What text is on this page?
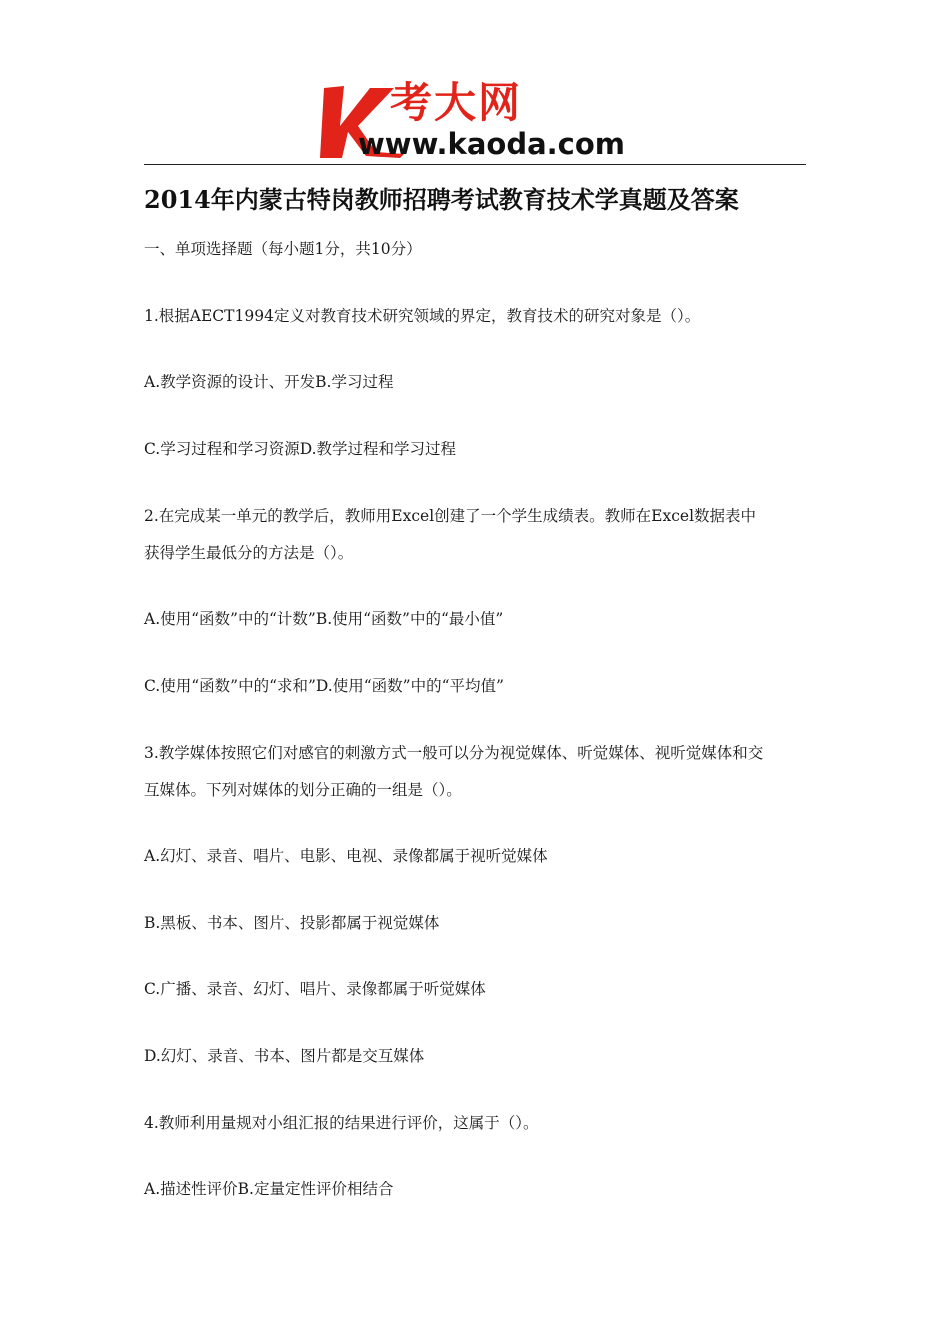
考大网
www.kaoda.com
2014年内蒙古特岗教师招聘考试教育技术学真题及答案
一、单项选择题（每小题1分，共10分）
1.根据AECT1994定义对教育技术研究领域的界定，教育技术的研究对象是（）。
A.教学资源的设计、开发B.学习过程
C.学习过程和学习资源D.教学过程和学习过程
2.在完成某一单元的教学后，教师用Excel创建了一个学生成绩表。教师在Excel数据表中
获得学生最低分的方法是（）。
A.使用“函数”中的“计数”B.使用“函数”中的“最小值”
C.使用“函数”中的“求和”D.使用“函数”中的“平均值”
3.教学媒体按照它们对感官的刺激方式一般可以分为视觉媒体、听觉媒体、视听觉媒体和交
互媒体。下列对媒体的划分正确的一组是（）。
A.幻灯、录音、唱片、电影、电视、录像都属于视听觉媒体
B.黑板、书本、图片、投影都属于视觉媒体
C.广播、录音、幻灯、唱片、录像都属于听觉媒体
D.幻灯、录音、书本、图片都是交互媒体
4.教师利用量规对小组汇报的结果进行评价，这属于（）。
A.描述性评价B.定量定性评价相结合
